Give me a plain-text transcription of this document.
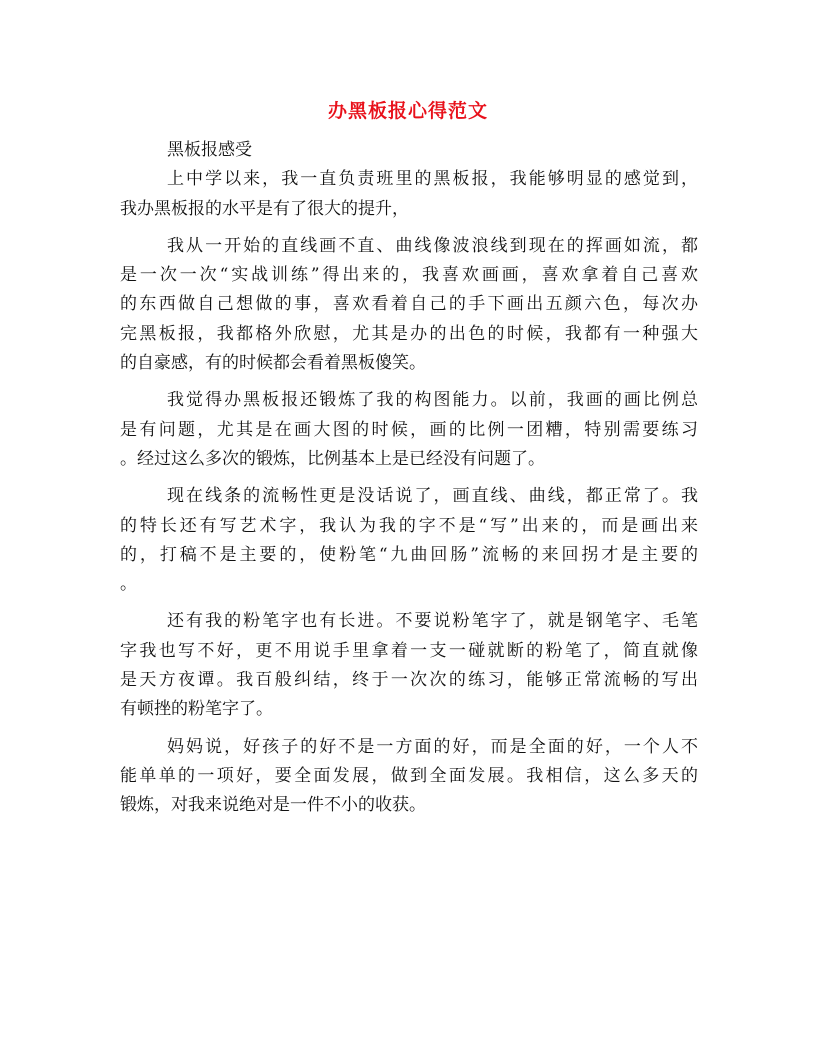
办黑板报心得范文
黑板报感受
上中学以来，我一直负责班里的黑板报，我能够明显的感觉到，
我办黑板报的水平是有了很大的提升，
我从一开始的直线画不直、曲线像波浪线到现在的挥画如流，都
是一次一次“实战训练”得出来的，我喜欢画画，喜欢拿着自己喜欢
的东西做自己想做的事，喜欢看着自己的手下画出五颜六色，每次办
完黑板报，我都格外欣慰，尤其是办的出色的时候，我都有一种强大
的自豪感，有的时候都会看着黑板傻笑。
我觉得办黑板报还锻炼了我的构图能力。以前，我画的画比例总
是有问题，尤其是在画大图的时候，画的比例一团糟，特别需要练习
。经过这么多次的锻炼，比例基本上是已经没有问题了。
现在线条的流畅性更是没话说了，画直线、曲线，都正常了。我
的特长还有写艺术字，我认为我的字不是“写”出来的，而是画出来
的，打稿不是主要的，使粉笔“九曲回肠”流畅的来回拐才是主要的
。
还有我的粉笔字也有长进。不要说粉笔字了，就是钢笔字、毛笔
字我也写不好，更不用说手里拿着一支一碰就断的粉笔了，简直就像
是天方夜谭。我百般纠结，终于一次次的练习，能够正常流畅的写出
有顿挫的粉笔字了。
妈妈说，好孩子的好不是一方面的好，而是全面的好，一个人不
能单单的一项好，要全面发展，做到全面发展。我相信，这么多天的
锻炼，对我来说绝对是一件不小的收获。
